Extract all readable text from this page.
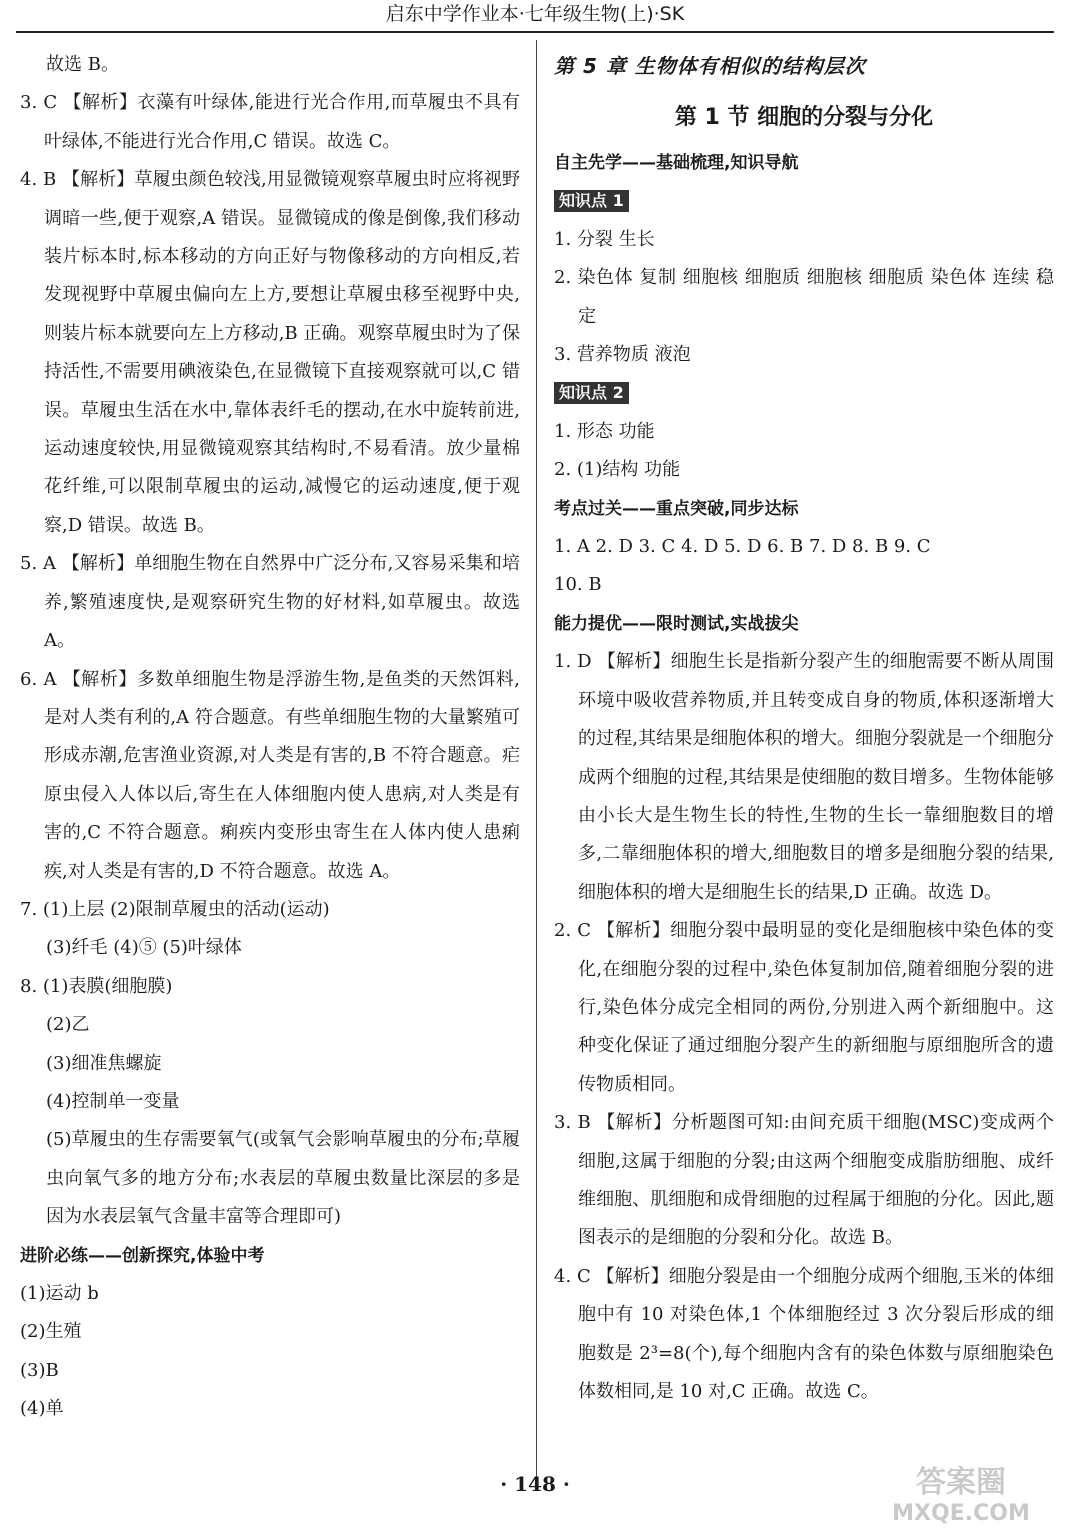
启东中学作业本·七年级生物(上)·SK

故选 B。

3. C 【解析】衣藻有叶绿体,能进行光合作用,而草履虫不具有叶绿体,不能进行光合作用,C 错误。故选 C。

4. B 【解析】草履虫颜色较浅,用显微镜观察草履虫时应将视野调暗一些,便于观察,A 错误。显微镜成的像是倒像,我们移动装片标本时,标本移动的方向正好与物像移动的方向相反,若发现视野中草履虫偏向左上方,要想让草履虫移至视野中央,则装片标本就要向左上方移动,B 正确。观察草履虫时为了保持活性,不需要用碘液染色,在显微镜下直接观察就可以,C 错误。草履虫生活在水中,靠体表纤毛的摆动,在水中旋转前进,运动速度较快,用显微镜观察其结构时,不易看清。放少量棉花纤维,可以限制草履虫的运动,减慢它的运动速度,便于观察,D 错误。故选 B。

5. A 【解析】单细胞生物在自然界中广泛分布,又容易采集和培养,繁殖速度快,是观察研究生物的好材料,如草履虫。故选 A。

6. A 【解析】多数单细胞生物是浮游生物,是鱼类的天然饵料,是对人类有利的,A 符合题意。有些单细胞生物的大量繁殖可形成赤潮,危害渔业资源,对人类是有害的,B 不符合题意。疟原虫侵入人体以后,寄生在人体细胞内使人患病,对人类是有害的,C 不符合题意。痢疾内变形虫寄生在人体内使人患痢疾,对人类是有害的,D 不符合题意。故选 A。

7. (1)上层 (2)限制草履虫的活动(运动)

(3)纤毛 (4)⑤ (5)叶绿体

8. (1)表膜(细胞膜)

(2)乙

(3)细准焦螺旋

(4)控制单一变量

(5)草履虫的生存需要氧气(或氧气会影响草履虫的分布;草履虫向氧气多的地方分布;水表层的草履虫数量比深层的多是因为水表层氧气含量丰富等合理即可)

进阶必练——创新探究,体验中考

(1)运动 b

(2)生殖

(3)B

(4)单

第 5 章 生物体有相似的结构层次

第 1 节 细胞的分裂与分化

自主先学——基础梳理,知识导航

知识点 1

1. 分裂 生长

2. 染色体 复制 细胞核 细胞质 细胞核 细胞质 染色体 连续 稳定

3. 营养物质 液泡

知识点 2

1. 形态 功能

2. (1)结构 功能

考点过关——重点突破,同步达标

1. A 2. D 3. C 4. D 5. D 6. B 7. D 8. B 9. C

10. B

能力提优——限时测试,实战拔尖

1. D 【解析】细胞生长是指新分裂产生的细胞需要不断从周围环境中吸收营养物质,并且转变成自身的物质,体积逐渐增大的过程,其结果是细胞体积的增大。细胞分裂就是一个细胞分成两个细胞的过程,其结果是使细胞的数目增多。生物体能够由小长大是生物生长的特性,生物的生长一靠细胞数目的增多,二靠细胞体积的增大,细胞数目的增多是细胞分裂的结果,细胞体积的增大是细胞生长的结果,D 正确。故选 D。

2. C 【解析】细胞分裂中最明显的变化是细胞核中染色体的变化,在细胞分裂的过程中,染色体复制加倍,随着细胞分裂的进行,染色体分成完全相同的两份,分别进入两个新细胞中。这种变化保证了通过细胞分裂产生的新细胞与原细胞所含的遗传物质相同。

3. B 【解析】分析题图可知:由间充质干细胞(MSC)变成两个细胞,这属于细胞的分裂;由这两个细胞变成脂肪细胞、成纤维细胞、肌细胞和成骨细胞的过程属于细胞的分化。因此,题图表示的是细胞的分裂和分化。故选 B。

4. C 【解析】细胞分裂是由一个细胞分成两个细胞,玉米的体细胞中有 10 对染色体,1 个体细胞经过 3 次分裂后形成的细胞数是 2³=8(个),每个细胞内含有的染色体数与原细胞染色体数相同,是 10 对,C 正确。故选 C。

· 148 ·	答案圈
MXQE.COM
